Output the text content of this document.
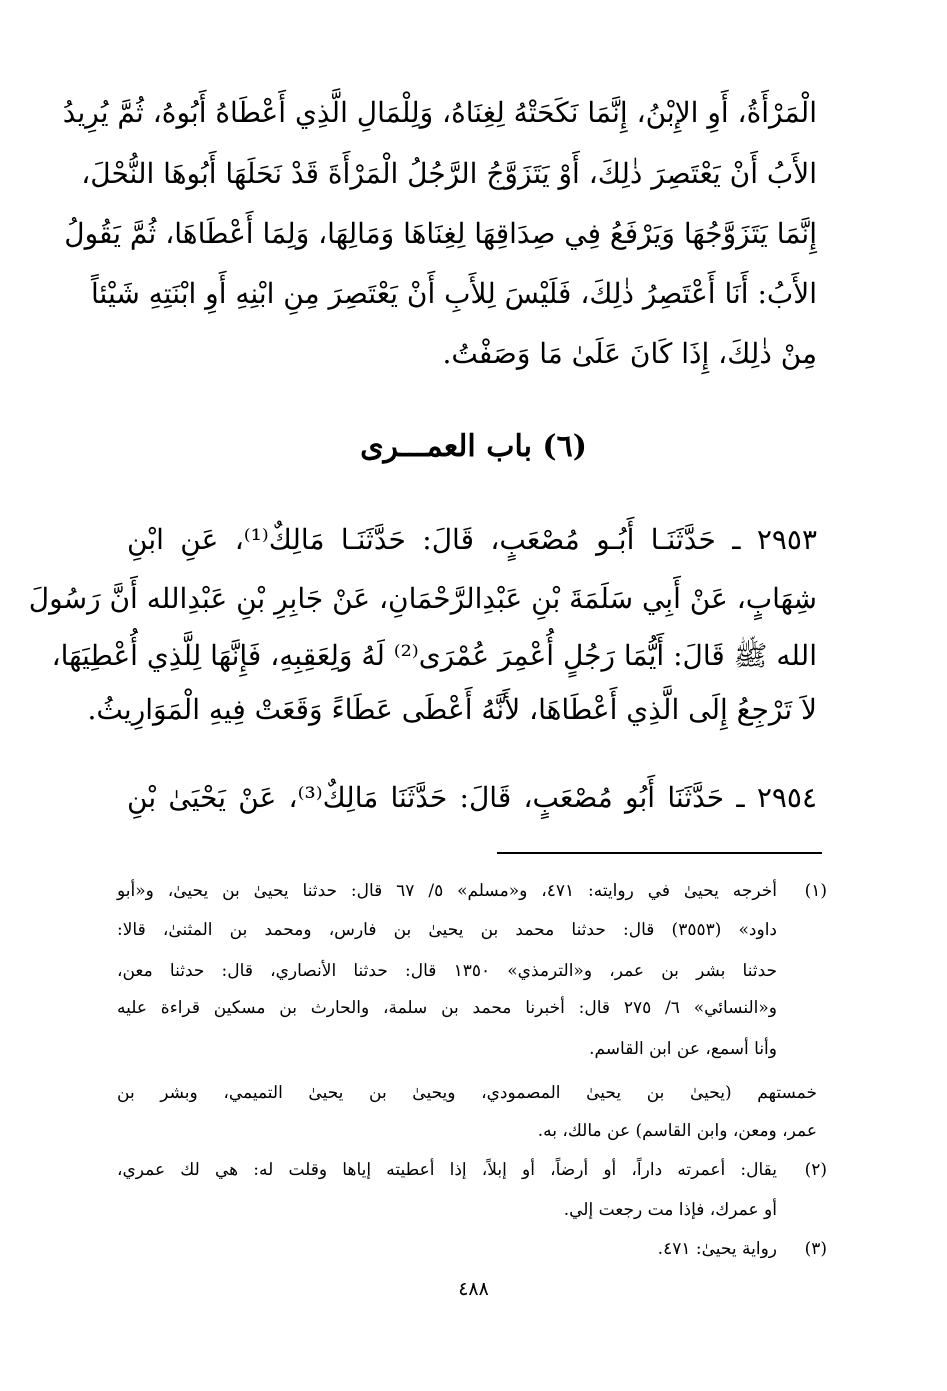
الْمَرْأَةُ، أَوِ الإِبْنُ، إِنَّمَا نَكَحَتْهُ لِغِنَاهُ، وَلِلْمَالِ الَّذِي أَعْطَاهُ أَبُوهُ، ثُمَّ يُرِيدُ
الأَبُ أَنْ يَعْتَصِرَ ذٰلِكَ، أَوْ يَتَزَوَّجُ الرَّجُلُ الْمَرْأَةَ قَدْ نَحَلَهَا أَبُوهَا النُّحْلَ،
إِنَّمَا يَتَزَوَّجُهَا وَيَرْفَعُ فِي صِدَاقِهَا لِغِنَاهَا وَمَالِهَا، وَلِمَا أَعْطَاهَا، ثُمَّ يَقُولُ
الأَبُ: أَنَا أَعْتَصِرُ ذٰلِكَ، فَلَيْسَ لِلأَبِ أَنْ يَعْتَصِرَ مِنِ ابْنِهِ أَوِ ابْنَتِهِ شَيْئاً
مِنْ ذٰلِكَ، إِذَا كَانَ عَلَىٰ مَا وَصَفْتُ.
(٦) باب العمـــرى
٢٩٥٣ ـ حَدَّثَنَـا أَبُـو مُصْعَبٍ، قَالَ: حَدَّثَنَـا مَالِكٌ⁽¹⁾، عَنِ ابْنِ
شِهَابٍ، عَنْ أَبِي سَلَمَةَ بْنِ عَبْدِالرَّحْمَانِ، عَنْ جَابِرِ بْنِ عَبْدِالله أَنَّ رَسُولَ
الله ﷺ قَالَ: أَيُّمَا رَجُلٍ أُعْمِرَ عُمْرَى⁽²⁾ لَهُ وَلِعَقِبِهِ، فَإِنَّهَا لِلَّذِي أُعْطِيَهَا،
لاَ تَرْجِعُ إِلَى الَّذِي أَعْطَاهَا، لأَنَّهُ أَعْطَى عَطَاءً وَقَعَتْ فِيهِ الْمَوَارِيثُ.
٢٩٥٤ ـ حَدَّثَنَا أَبُو مُصْعَبٍ، قَالَ: حَدَّثَنَا مَالِكٌ⁽³⁾، عَنْ يَحْيَىٰ بْنِ
(١)
أخرجه يحيىٰ في روايته: ٤٧١، و«مسلم» ٥/ ٦٧ قال: حدثنا يحيىٰ بن يحيىٰ، و«أبو
داود» (٣٥٥٣) قال: حدثنا محمد بن يحيىٰ بن فارس، ومحمد بن المثنىٰ، قالا:
حدثنا بشر بن عمر، و«الترمذي» ١٣٥٠ قال: حدثنا الأنصاري، قال: حدثنا معن،
و«النسائي» ٦/ ٢٧٥ قال: أخبرنا محمد بن سلمة، والحارث بن مسكين قراءة عليه
وأنا أسمع، عن ابن القاسم.
خمستهم (يحيىٰ بن يحيىٰ المصمودي، ويحيىٰ بن يحيىٰ التميمي، وبشر بن
عمر، ومعن، وابن القاسم) عن مالك، به.
(٢)
يقال: أعمرته داراً، أو أرضاً، أو إبلاً، إذا أعطيته إياها وقلت له: هي لك عمري،
أو عمرك، فإذا مت رجعت إلي.
(٣)
رواية يحيىٰ: ٤٧١.
٤٨٨
